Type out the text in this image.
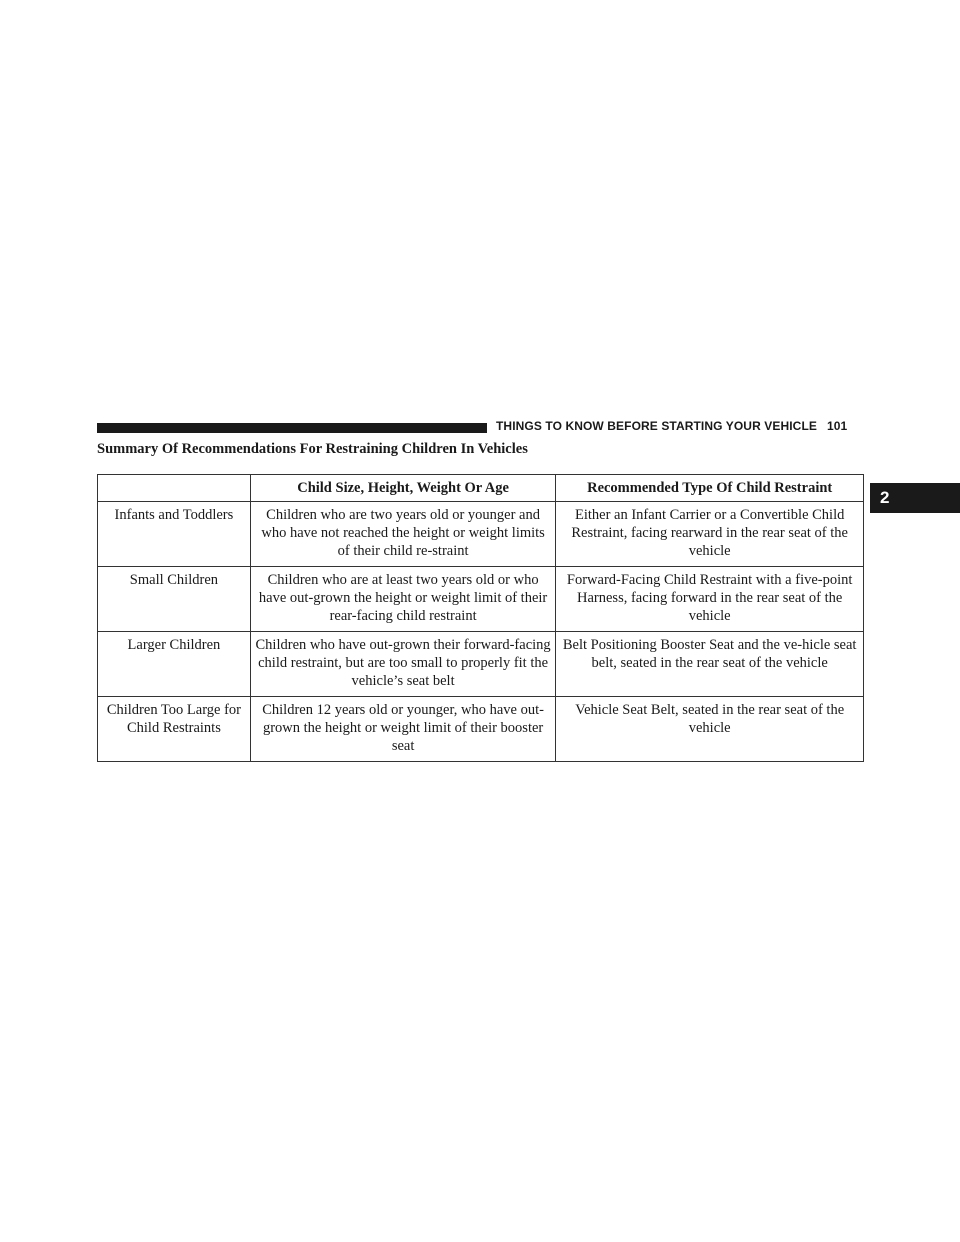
THINGS TO KNOW BEFORE STARTING YOUR VEHICLE 101
2
Summary Of Recommendations For Restraining Children In Vehicles
	Child Size, Height, Weight Or Age	Recommended Type Of Child Restraint
Infants and Toddlers	Children who are two years old or younger and who have not reached the height or weight limits of their child re-straint	Either an Infant Carrier or a Convertible Child Restraint, facing rearward in the rear seat of the vehicle
Small Children	Children who are at least two years old or who have out-grown the height or weight limit of their rear-facing child restraint	Forward-Facing Child Restraint with a five-point Harness, facing forward in the rear seat of the vehicle
Larger Children	Children who have out-grown their forward-facing child restraint, but are too small to properly fit the vehicle’s seat belt	Belt Positioning Booster Seat and the ve-hicle seat belt, seated in the rear seat of the vehicle
Children Too Large for Child Restraints	Children 12 years old or younger, who have out-grown the height or weight limit of their booster seat	Vehicle Seat Belt, seated in the rear seat of the vehicle
